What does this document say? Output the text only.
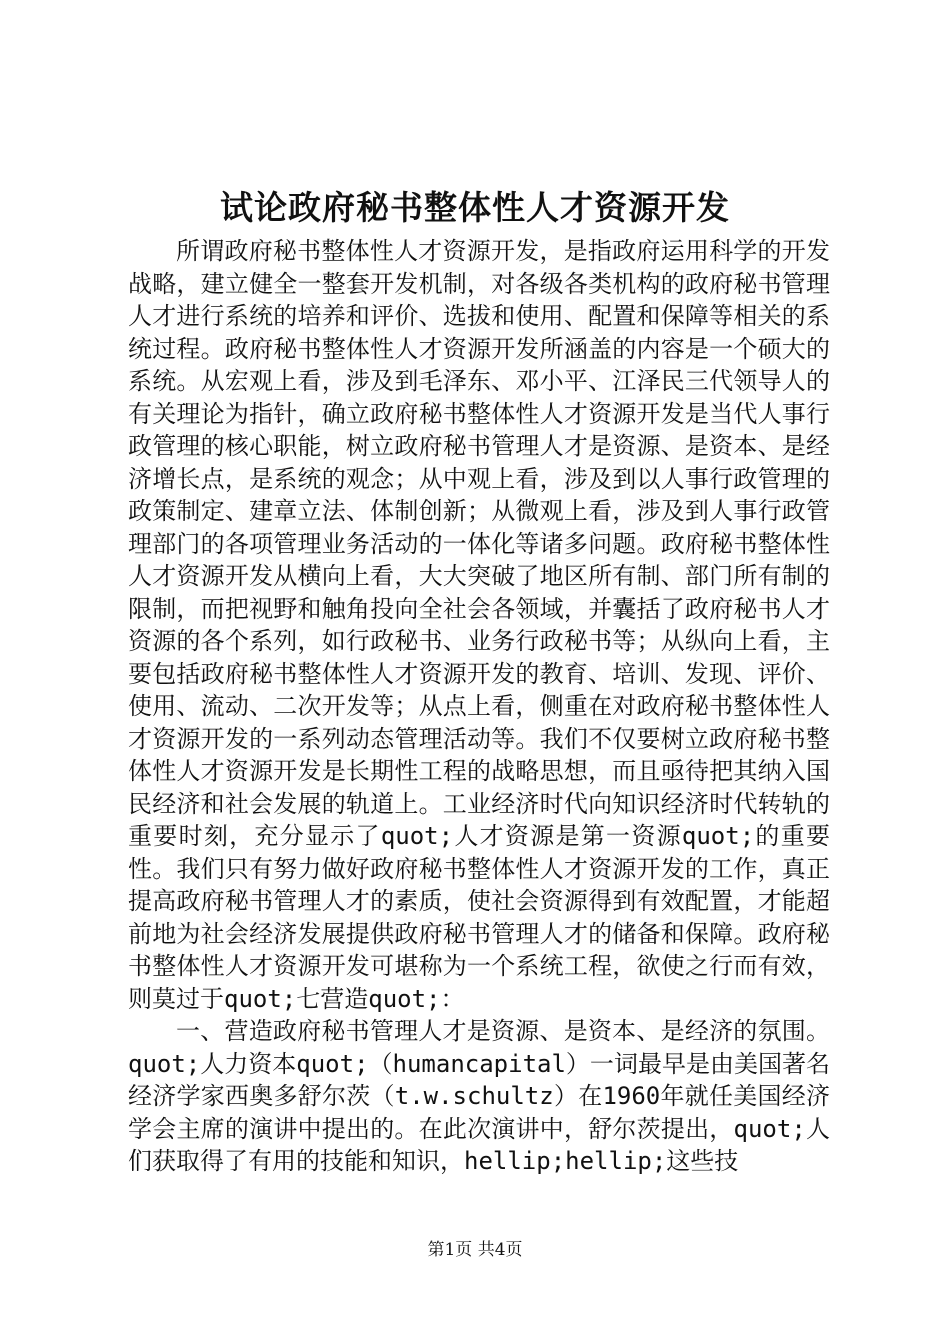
试论政府秘书整体性人才资源开发

所谓政府秘书整体性人才资源开发，是指政府运用科学的开发战略，建立健全一整套开发机制，对各级各类机构的政府秘书管理人才进行系统的培养和评价、选拔和使用、配置和保障等相关的系统过程。政府秘书整体性人才资源开发所涵盖的内容是一个硕大的系统。从宏观上看，涉及到毛泽东、邓小平、江泽民三代领导人的有关理论为指针，确立政府秘书整体性人才资源开发是当代人事行政管理的核心职能，树立政府秘书管理人才是资源、是资本、是经济增长点，是系统的观念；从中观上看，涉及到以人事行政管理的政策制定、建章立法、体制创新；从微观上看，涉及到人事行政管理部门的各项管理业务活动的一体化等诸多问题。政府秘书整体性人才资源开发从横向上看，大大突破了地区所有制、部门所有制的限制，而把视野和触角投向全社会各领域，并囊括了政府秘书人才资源的各个系列，如行政秘书、业务行政秘书等；从纵向上看，主要包括政府秘书整体性人才资源开发的教育、培训、发现、评价、使用、流动、二次开发等；从点上看，侧重在对政府秘书整体性人才资源开发的一系列动态管理活动等。我们不仅要树立政府秘书整体性人才资源开发是长期性工程的战略思想，而且亟待把其纳入国民经济和社会发展的轨道上。工业经济时代向知识经济时代转轨的重要时刻，充分显示了quot;人才资源是第一资源quot;的重要性。我们只有努力做好政府秘书整体性人才资源开发的工作，真正提高政府秘书管理人才的素质，使社会资源得到有效配置，才能超前地为社会经济发展提供政府秘书管理人才的储备和保障。政府秘书整体性人才资源开发可堪称为一个系统工程，欲使之行而有效，则莫过于quot;七营造quot;：

一、营造政府秘书管理人才是资源、是资本、是经济的氛围。quot;人力资本quot;（humancapital）一词最早是由美国著名经济学家西奥多舒尔茨（t.w.schultz）在1960年就任美国经济学会主席的演讲中提出的。在此次演讲中，舒尔茨提出，quot;人们获取得了有用的技能和知识，hellip;hellip;这些技

第1页 共4页
